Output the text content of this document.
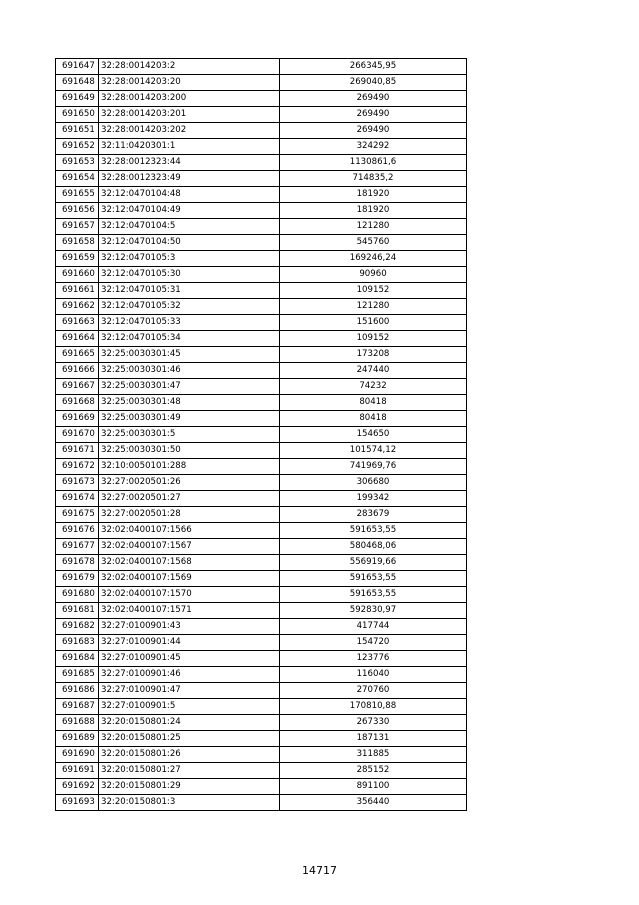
691647	32:28:0014203:2	266345,95
691648	32:28:0014203:20	269040,85
691649	32:28:0014203:200	269490
691650	32:28:0014203:201	269490
691651	32:28:0014203:202	269490
691652	32:11:0420301:1	324292
691653	32:28:0012323:44	1130861,6
691654	32:28:0012323:49	714835,2
691655	32:12:0470104:48	181920
691656	32:12:0470104:49	181920
691657	32:12:0470104:5	121280
691658	32:12:0470104:50	545760
691659	32:12:0470105:3	169246,24
691660	32:12:0470105:30	90960
691661	32:12:0470105:31	109152
691662	32:12:0470105:32	121280
691663	32:12:0470105:33	151600
691664	32:12:0470105:34	109152
691665	32:25:0030301:45	173208
691666	32:25:0030301:46	247440
691667	32:25:0030301:47	74232
691668	32:25:0030301:48	80418
691669	32:25:0030301:49	80418
691670	32:25:0030301:5	154650
691671	32:25:0030301:50	101574,12
691672	32:10:0050101:288	741969,76
691673	32:27:0020501:26	306680
691674	32:27:0020501:27	199342
691675	32:27:0020501:28	283679
691676	32:02:0400107:1566	591653,55
691677	32:02:0400107:1567	580468,06
691678	32:02:0400107:1568	556919,66
691679	32:02:0400107:1569	591653,55
691680	32:02:0400107:1570	591653,55
691681	32:02:0400107:1571	592830,97
691682	32:27:0100901:43	417744
691683	32:27:0100901:44	154720
691684	32:27:0100901:45	123776
691685	32:27:0100901:46	116040
691686	32:27:0100901:47	270760
691687	32:27:0100901:5	170810,88
691688	32:20:0150801:24	267330
691689	32:20:0150801:25	187131
691690	32:20:0150801:26	311885
691691	32:20:0150801:27	285152
691692	32:20:0150801:29	891100
691693	32:20:0150801:3	356440
14717
